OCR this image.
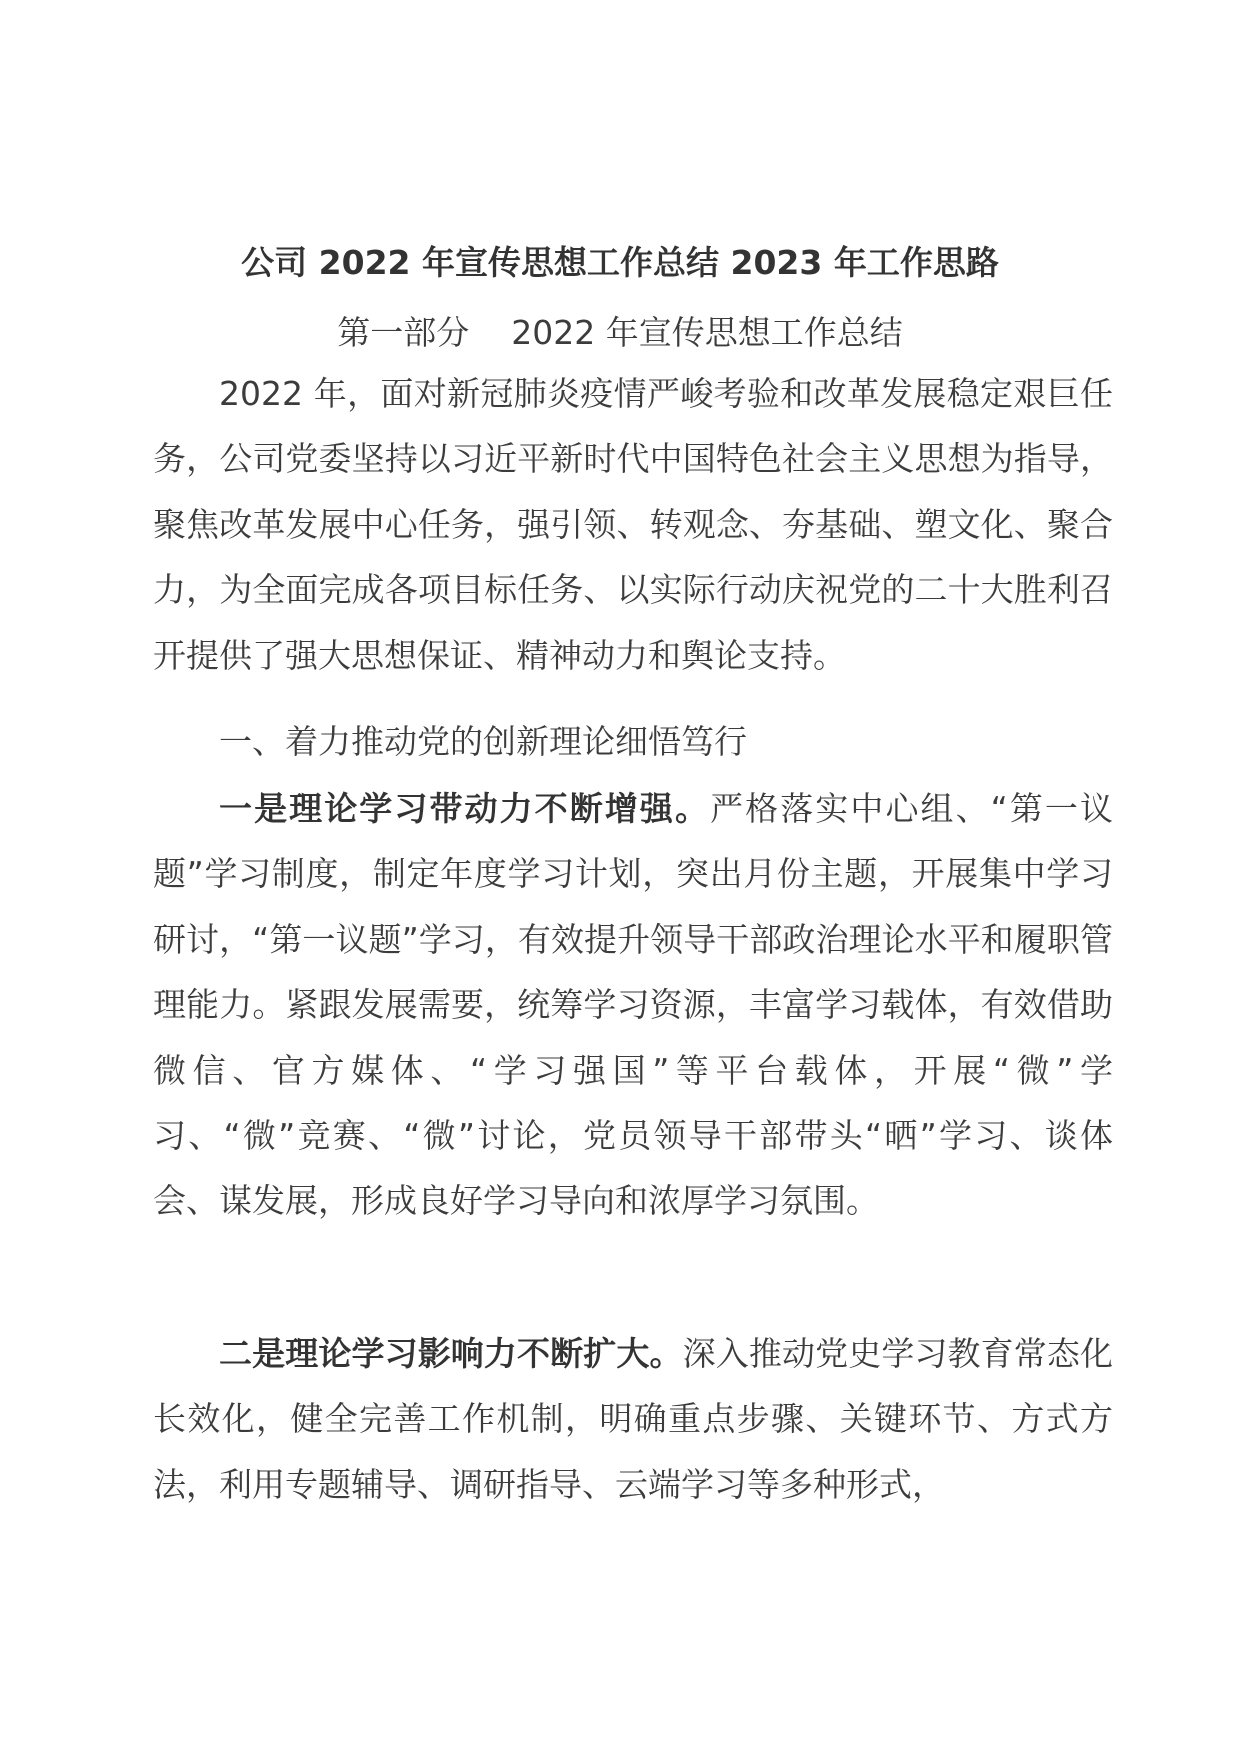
公司 2022 年宣传思想工作总结 2023 年工作思路
第一部分    2022 年宣传思想工作总结

2022 年，面对新冠肺炎疫情严峻考验和改革发展稳定艰巨任务，公司党委坚持以习近平新时代中国特色社会主义思想为指导，聚焦改革发展中心任务，强引领、转观念、夯基础、塑文化、聚合力，为全面完成各项目标任务、以实际行动庆祝党的二十大胜利召开提供了强大思想保证、精神动力和舆论支持。

一、着力推动党的创新理论细悟笃行

一是理论学习带动力不断增强。严格落实中心组、“第一议题”学习制度，制定年度学习计划，突出月份主题，开展集中学习研讨，“第一议题”学习，有效提升领导干部政治理论水平和履职管理能力。紧跟发展需要，统筹学习资源，丰富学习载体，有效借助微信、官方媒体、“学习强国”等平台载体，开展“微”学习、“微”竞赛、“微”讨论，党员领导干部带头“晒”学习、谈体会、谋发展，形成良好学习导向和浓厚学习氛围。

二是理论学习影响力不断扩大。深入推动党史学习教育常态化长效化，健全完善工作机制，明确重点步骤、关键环节、方式方法，利用专题辅导、调研指导、云端学习等多种形式，
